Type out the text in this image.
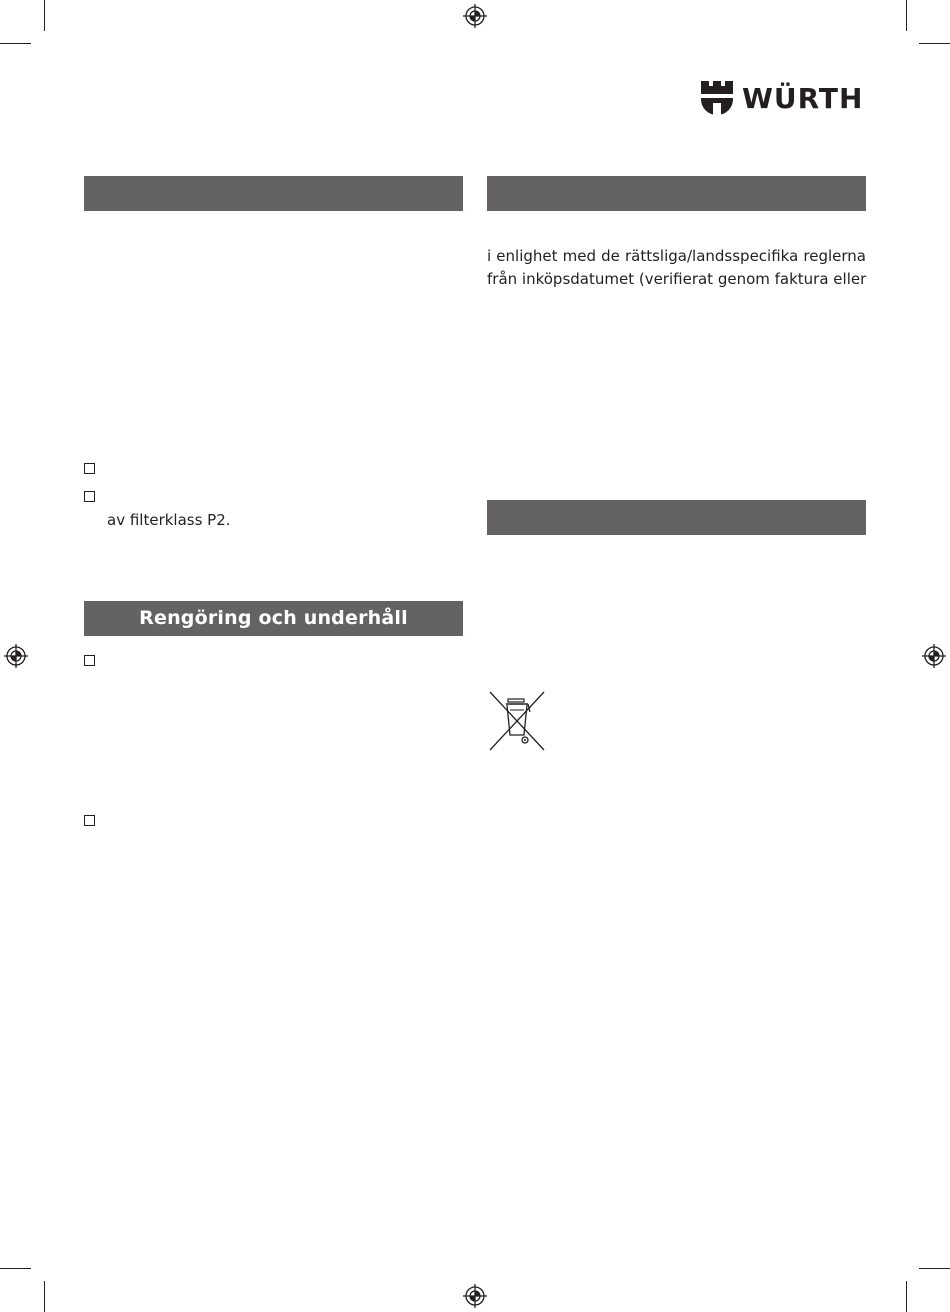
WÜRTH
i enlighet med de rättsliga/landsspecifika reglerna
från inköpsdatumet (verifierat genom faktura eller
av filterklass P2.
Rengöring och underhåll
